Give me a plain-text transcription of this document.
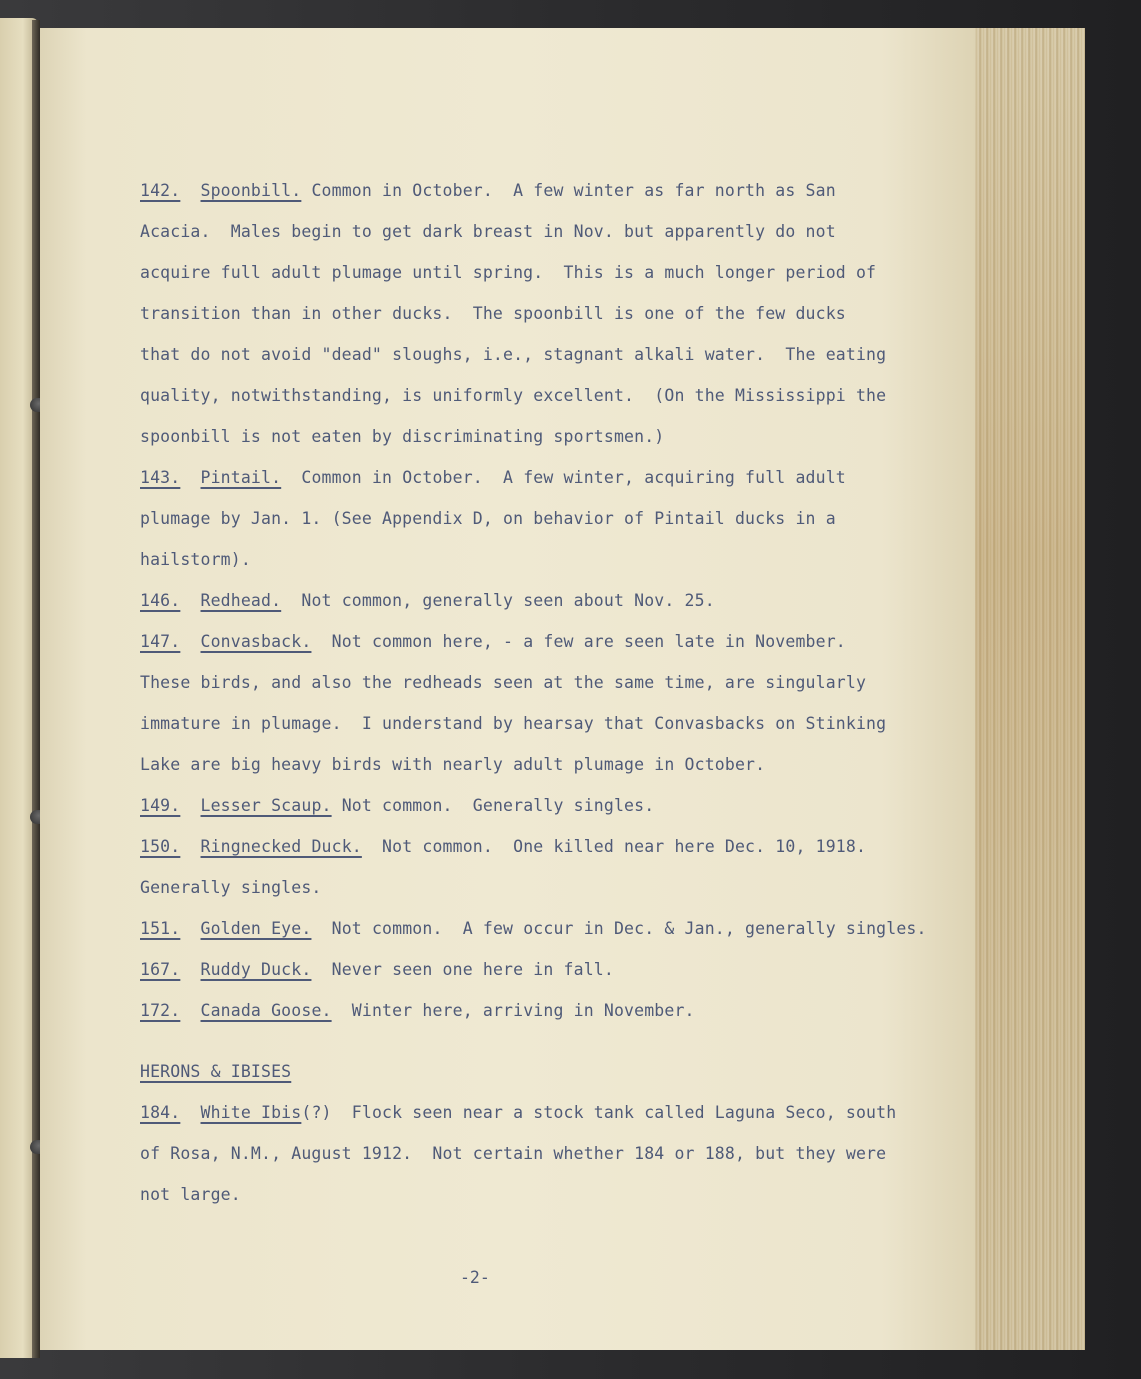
142. Spoonbill. Common in October.  A few winter as far north as San
Acacia.  Males begin to get dark breast in Nov. but apparently do not
acquire full adult plumage until spring.  This is a much longer period of
transition than in other ducks.  The spoonbill is one of the few ducks
that do not avoid "dead" sloughs, i.e., stagnant alkali water.  The eating
quality, notwithstanding, is uniformly excellent.  (On the Mississippi the
spoonbill is not eaten by discriminating sportsmen.)
143. Pintail.  Common in October.  A few winter, acquiring full adult
plumage by Jan. 1. (See Appendix D, on behavior of Pintail ducks in a
hailstorm).
146. Redhead.  Not common, generally seen about Nov. 25.
147. Convasback.  Not common here, - a few are seen late in November.
These birds, and also the redheads seen at the same time, are singularly
immature in plumage.  I understand by hearsay that Convasbacks on Stinking
Lake are big heavy birds with nearly adult plumage in October.
149. Lesser Scaup. Not common.  Generally singles.
150. Ringnecked Duck.  Not common.  One killed near here Dec. 10, 1918.
Generally singles.
151. Golden Eye.  Not common.  A few occur in Dec. & Jan., generally singles.
167. Ruddy Duck.  Never seen one here in fall.
172. Canada Goose.  Winter here, arriving in November.
HERONS & IBISES
184. White Ibis(?)  Flock seen near a stock tank called Laguna Seco, south
of Rosa, N.M., August 1912.  Not certain whether 184 or 188, but they were
not large.
-2-
